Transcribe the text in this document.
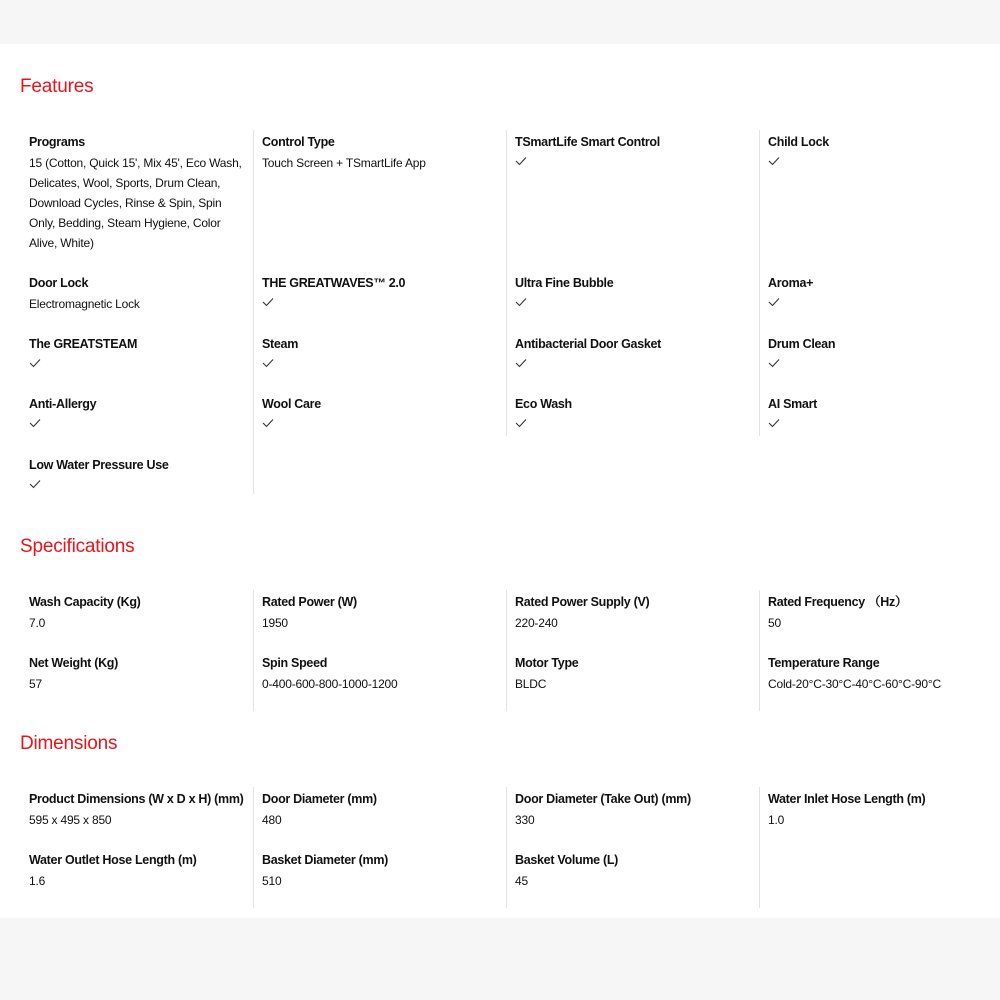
Features
Programs
15 (Cotton, Quick 15', Mix 45', Eco Wash, Delicates, Wool, Sports, Drum Clean, Download Cycles, Rinse & Spin, Spin Only, Bedding, Steam Hygiene, Color Alive, White)
Door Lock
Electromagnetic Lock
The GREATSTEAM
Anti-Allergy
Low Water Pressure Use
Control Type
Touch Screen + TSmartLife App
THE GREATWAVES™ 2.0
Steam
Wool Care
TSmartLife Smart Control
Ultra Fine Bubble
Antibacterial Door Gasket
Eco Wash
Child Lock
Aroma+
Drum Clean
AI Smart
Specifications
Wash Capacity (Kg)
7.0
Net Weight (Kg)
57
Rated Power (W)
1950
Spin Speed
0-400-600-800-1000-1200
Rated Power Supply (V)
220-240
Motor Type
BLDC
Rated Frequency （Hz）
50
Temperature Range
Cold-20°C-30°C-40°C-60°C-90°C
Dimensions
Product Dimensions (W x D x H) (mm)
595 x 495 x 850
Water Outlet Hose Length (m)
1.6
Door Diameter (mm)
480
Basket Diameter (mm)
510
Door Diameter (Take Out) (mm)
330
Basket Volume (L)
45
Water Inlet Hose Length (m)
1.0
